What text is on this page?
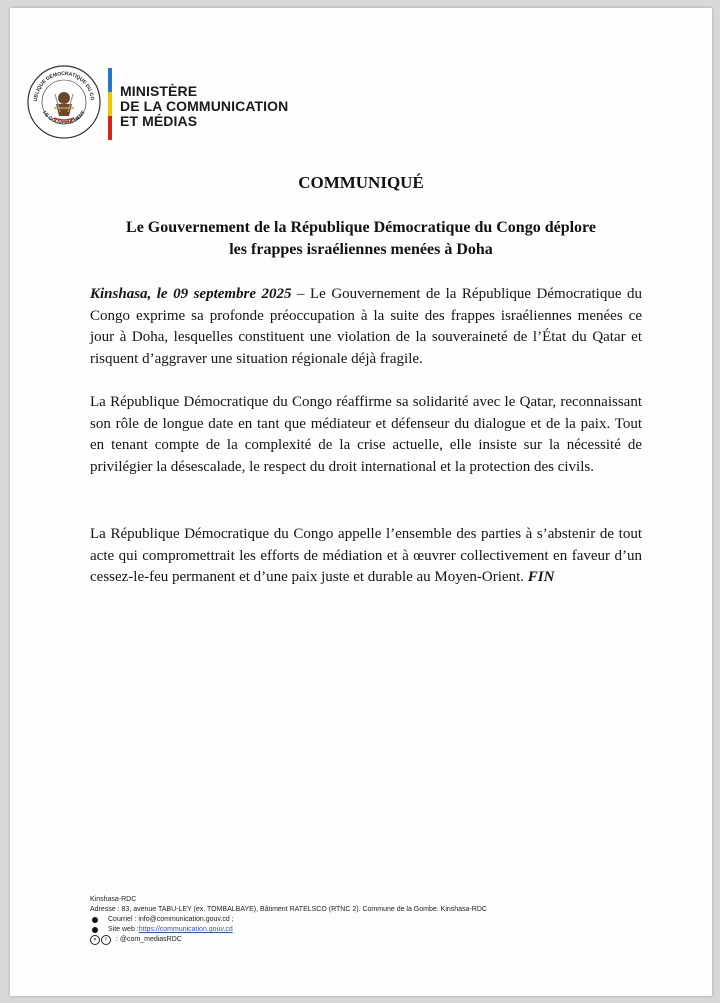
UBLIQUE DÉMOCRATIQUE DU CO
LE GOUVERNEMENT
MINISTÈRE
DE LA COMMUNICATION
ET MÉDIAS
COMMUNIQUÉ
Le Gouvernement de la République Démocratique du Congo déplore
les frappes israéliennes menées à Doha
Kinshasa, le 09 septembre 2025 – Le Gouvernement de la République Démocratique du Congo exprime sa profonde préoccupation à la suite des frappes israéliennes menées ce jour à Doha, lesquelles constituent une violation de la souveraineté de l’État du Qatar et risquent d’aggraver une situation régionale déjà fragile.
La République Démocratique du Congo réaffirme sa solidarité avec le Qatar, reconnaissant son rôle de longue date en tant que médiateur et défenseur du dialogue et de la paix. Tout en tenant compte de la complexité de la crise actuelle, elle insiste sur la nécessité de privilégier la désescalade, le respect du droit international et la protection des civils.
La République Démocratique du Congo appelle l’ensemble des parties à s’abstenir de tout acte qui compromettrait les efforts de médiation et à œuvrer collectivement en faveur d’un cessez-le-feu permanent et d’une paix juste et durable au Moyen-Orient. FIN
Kinshasa-RDC
Adresse : 83, avenue TABU-LEY (ex. TOMBALBAYE), Bâtiment RATELSCO (RTNC 2). Commune de la Gombe. Kinshasa-RDC
Courriel : info@communication.gouv.cd ;
Site web : https://communication.gouv.cd
✕	f	: @com_mediasRDC
